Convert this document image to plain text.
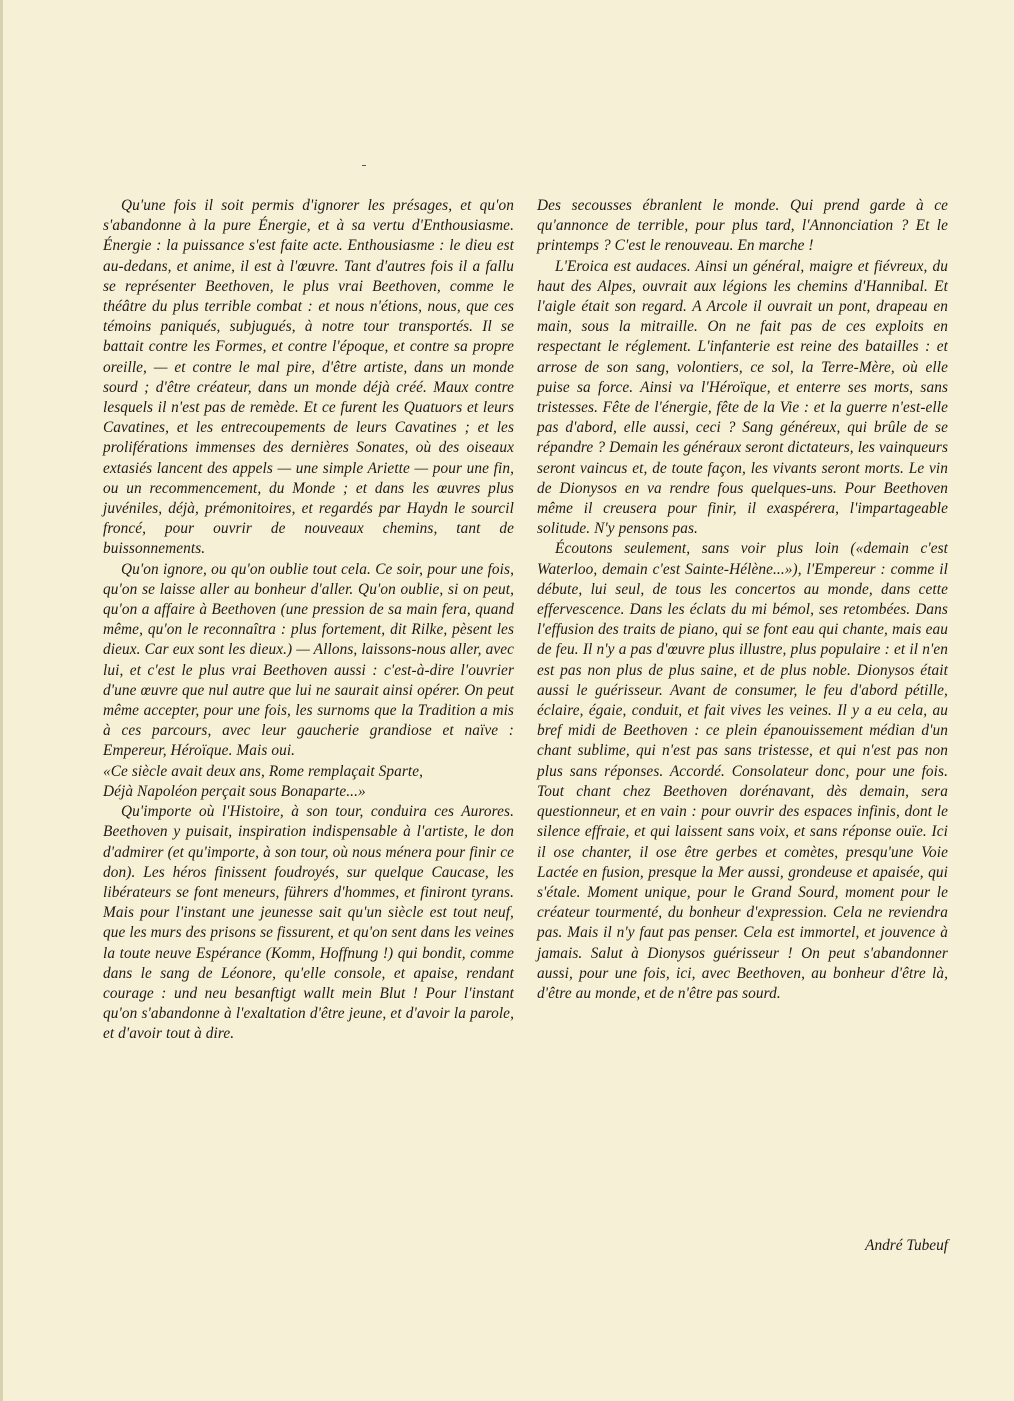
Qu'une fois il soit permis d'ignorer les présages, et qu'on s'abandonne à la pure Énergie, et à sa vertu d'Enthousiasme. Énergie : la puissance s'est faite acte. Enthousiasme : le dieu est au-dedans, et anime, il est à l'œuvre. Tant d'autres fois il a fallu se représenter Beethoven, le plus vrai Beethoven, comme le théâtre du plus terrible combat : et nous n'étions, nous, que ces témoins paniqués, subjugués, à notre tour transportés. Il se battait contre les Formes, et contre l'époque, et contre sa propre oreille, — et contre le mal pire, d'être artiste, dans un monde sourd ; d'être créateur, dans un monde déjà créé. Maux contre lesquels il n'est pas de remède. Et ce furent les Quatuors et leurs Cavatines, et les entrecoupements de leurs Cavatines ; et les proliférations immenses des dernières Sonates, où des oiseaux extasiés lancent des appels — une simple Ariette — pour une fin, ou un recommencement, du Monde ; et dans les œuvres plus juvéniles, déjà, prémonitoires, et regardés par Haydn le sourcil froncé, pour ouvrir de nouveaux chemins, tant de buissonnements.

Qu'on ignore, ou qu'on oublie tout cela. Ce soir, pour une fois, qu'on se laisse aller au bonheur d'aller. Qu'on oublie, si on peut, qu'on a affaire à Beethoven (une pression de sa main fera, quand même, qu'on le reconnaîtra : plus fortement, dit Rilke, pèsent les dieux. Car eux sont les dieux.) — Allons, laissons-nous aller, avec lui, et c'est le plus vrai Beethoven aussi : c'est-à-dire l'ouvrier d'une œuvre que nul autre que lui ne saurait ainsi opérer. On peut même accepter, pour une fois, les surnoms que la Tradition a mis à ces parcours, avec leur gaucherie grandiose et naïve : Empereur, Héroïque. Mais oui.

«Ce siècle avait deux ans, Rome remplaçait Sparte,

Déjà Napoléon perçait sous Bonaparte...»

Qu'importe où l'Histoire, à son tour, conduira ces Aurores. Beethoven y puisait, inspiration indispensable à l'artiste, le don d'admirer (et qu'importe, à son tour, où nous ménera pour finir ce don). Les héros finissent foudroyés, sur quelque Caucase, les libérateurs se font meneurs, führers d'hommes, et finiront tyrans. Mais pour l'instant une jeunesse sait qu'un siècle est tout neuf, que les murs des prisons se fissurent, et qu'on sent dans les veines la toute neuve Espérance (Komm, Hoffnung !) qui bondit, comme dans le sang de Léonore, qu'elle console, et apaise, rendant courage : und neu besanftigt wallt mein Blut ! Pour l'instant qu'on s'abandonne à l'exaltation d'être jeune, et d'avoir la parole, et d'avoir tout à dire.

Des secousses ébranlent le monde. Qui prend garde à ce qu'annonce de terrible, pour plus tard, l'Annonciation ? Et le printemps ? C'est le renouveau. En marche !

L'Eroica est audaces. Ainsi un général, maigre et fiévreux, du haut des Alpes, ouvrait aux légions les chemins d'Hannibal. Et l'aigle était son regard. A Arcole il ouvrait un pont, drapeau en main, sous la mitraille. On ne fait pas de ces exploits en respectant le réglement. L'infanterie est reine des batailles : et arrose de son sang, volontiers, ce sol, la Terre-Mère, où elle puise sa force. Ainsi va l'Héroïque, et enterre ses morts, sans tristesses. Fête de l'énergie, fête de la Vie : et la guerre n'est-elle pas d'abord, elle aussi, ceci ? Sang généreux, qui brûle de se répandre ? Demain les généraux seront dictateurs, les vainqueurs seront vaincus et, de toute façon, les vivants seront morts. Le vin de Dionysos en va rendre fous quelques-uns. Pour Beethoven même il creusera pour finir, il exaspérera, l'impartageable solitude. N'y pensons pas.

Écoutons seulement, sans voir plus loin («demain c'est Waterloo, demain c'est Sainte-Hélène...»), l'Empereur : comme il débute, lui seul, de tous les concertos au monde, dans cette effervescence. Dans les éclats du mi bémol, ses retombées. Dans l'effusion des traits de piano, qui se font eau qui chante, mais eau de feu. Il n'y a pas d'œuvre plus illustre, plus populaire : et il n'en est pas non plus de plus saine, et de plus noble. Dionysos était aussi le guérisseur. Avant de consumer, le feu d'abord pétille, éclaire, égaie, conduit, et fait vives les veines. Il y a eu cela, au bref midi de Beethoven : ce plein épanouissement médian d'un chant sublime, qui n'est pas sans tristesse, et qui n'est pas non plus sans réponses. Accordé. Consolateur donc, pour une fois. Tout chant chez Beethoven dorénavant, dès demain, sera questionneur, et en vain : pour ouvrir des espaces infinis, dont le silence effraie, et qui laissent sans voix, et sans réponse ouïe. Ici il ose chanter, il ose être gerbes et comètes, presqu'une Voie Lactée en fusion, presque la Mer aussi, grondeuse et apaisée, qui s'étale. Moment unique, pour le Grand Sourd, moment pour le créateur tourmenté, du bonheur d'expression. Cela ne reviendra pas. Mais il n'y faut pas penser. Cela est immortel, et jouvence à jamais. Salut à Dionysos guérisseur ! On peut s'abandonner aussi, pour une fois, ici, avec Beethoven, au bonheur d'être là, d'être au monde, et de n'être pas sourd.

André Tubeuf
